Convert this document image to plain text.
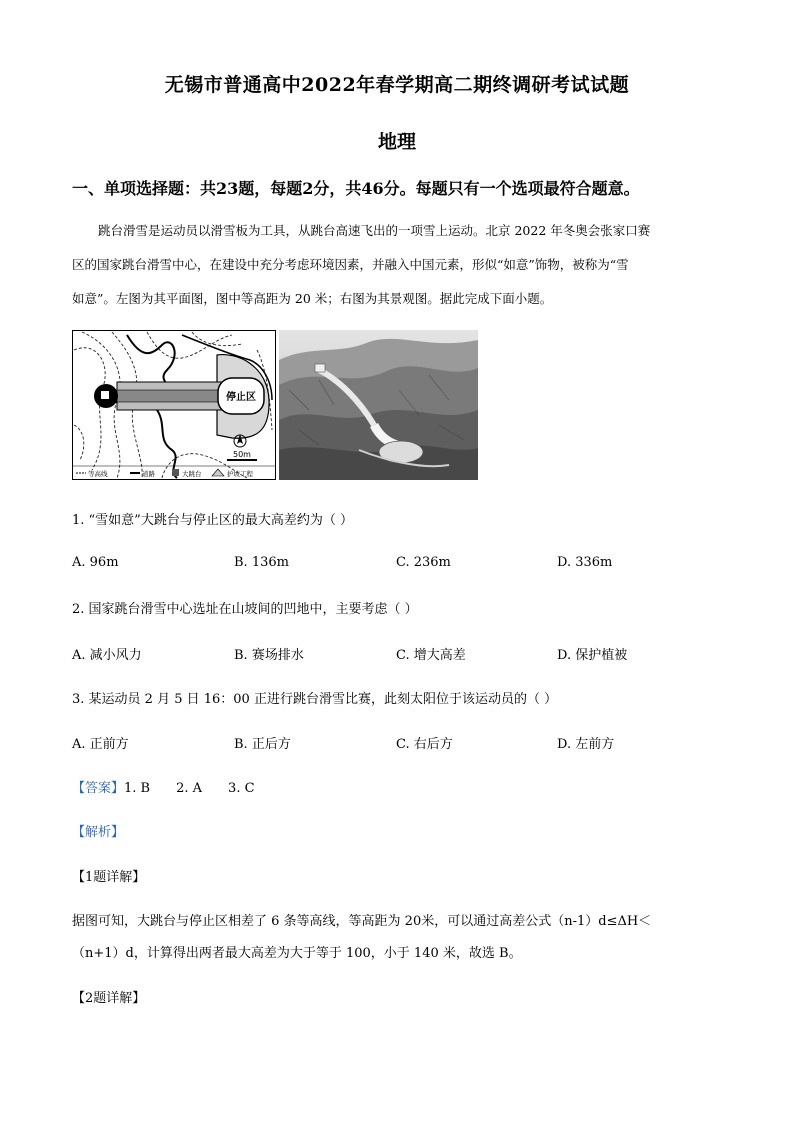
无锡市普通高中2022年春学期高二期终调研考试试题
地理
一、单项选择题：共23题，每题2分，共46分。每题只有一个选项最符合题意。
跳台滑雪是运动员以滑雪板为工具，从跳台高速飞出的一项雪上运动。北京 2022 年冬奥会张家口赛
区的国家跳台滑雪中心，在建设中充分考虑环境因素，并融入中国元素，形似“如意”饰物，被称为“雪
如意”。左图为其平面图，图中等高距为 20 米；右图为其景观图。据此完成下面小题。
停止区
50m
等高线	道路	大跳台	护坡工程
1. “雪如意”大跳台与停止区的最大高差约为（ ）
A. 96m	B. 136m	C. 236m	D. 336m
2. 国家跳台滑雪中心选址在山坡间的凹地中，主要考虑（ ）
A. 减小风力	B. 赛场排水	C. 增大高差	D. 保护植被
3. 某运动员 2 月 5 日 16：00 正进行跳台滑雪比赛，此刻太阳位于该运动员的（ ）
A. 正前方	B. 正后方	C. 右后方	D. 左前方
【答案】1. B 2. A 3. C
【解析】
【1题详解】
据图可知，大跳台与停止区相差了 6 条等高线，等高距为 20米，可以通过高差公式（n-1）d≤ΔH＜
（n+1）d，计算得出两者最大高差为大于等于 100，小于 140 米，故选 B。
【2题详解】
